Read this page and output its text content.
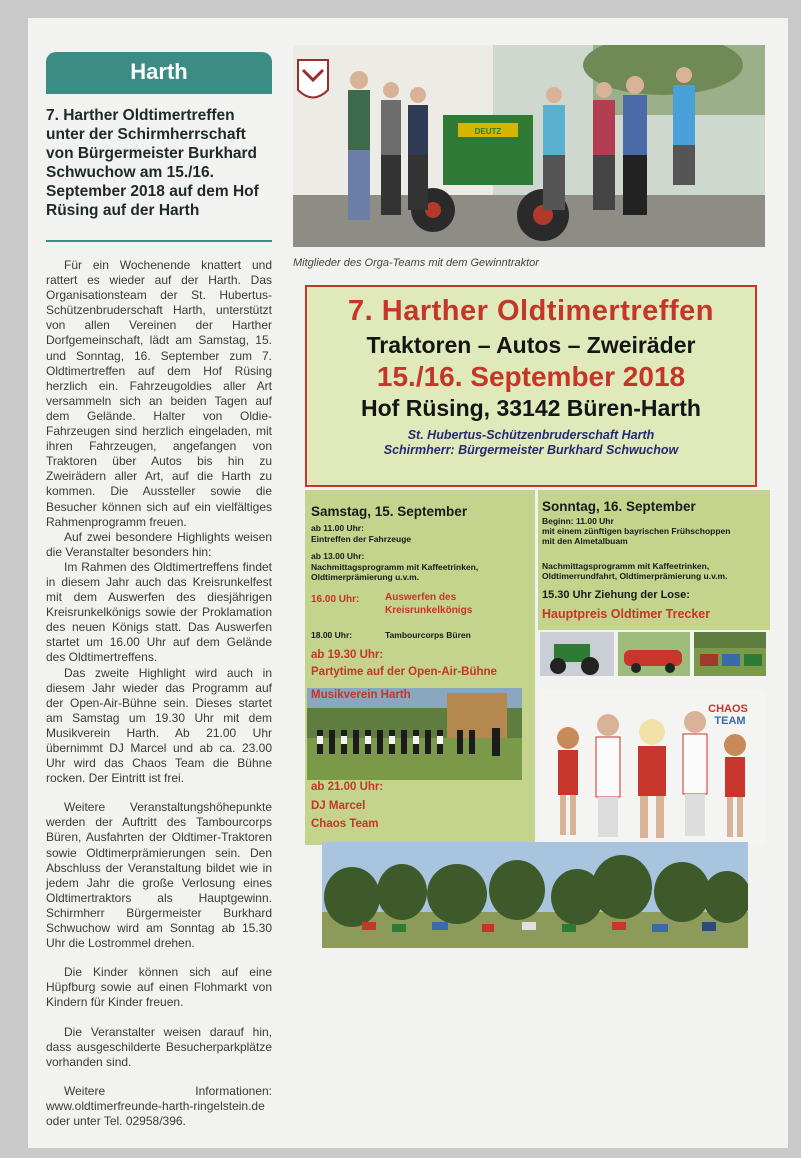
Harth
7. Harther Oldtimertreffen unter der Schirmherrschaft von Bürgermeister Burkhard Schwuchow am 15./16. September 2018 auf dem Hof Rüsing auf der Harth

Für ein Wochenende knattert und rattert es wieder auf der Harth. Das Organisationsteam der St. Hubertus-Schützenbruderschaft Harth, unterstützt von allen Vereinen der Harther Dorfgemeinschaft, lädt am Samstag, 15. und Sonntag, 16. September zum 7. Oldtimertreffen auf dem Hof Rüsing herzlich ein. Fahrzeugoldies aller Art versammeln sich an beiden Tagen auf dem Gelände. Halter von Oldie-Fahrzeugen sind herzlich eingeladen, mit ihren Fahrzeugen, angefangen von Traktoren über Autos bis hin zu Zweirädern aller Art, auf die Harth zu kommen. Die Aussteller sowie die Besucher können sich auf ein vielfältiges Rahmenprogramm freuen.

Auf zwei besondere Highlights weisen die Veranstalter besonders hin:

Im Rahmen des Oldtimertreffens findet in diesem Jahr auch das Kreisrunkelfest mit dem Auswerfen des diesjährigen Kreisrunkelkönigs sowie der Proklamation des neuen Königs statt. Das Auswerfen startet um 16.00 Uhr auf dem Gelände des Oldtimertreffens.

Das zweite Highlight wird auch in diesem Jahr wieder das Programm auf der Open-Air-Bühne sein. Dieses startet am Samstag um 19.30 Uhr mit dem Musikverein Harth. Ab 21.00 Uhr übernimmt DJ Marcel und ab ca. 23.00 Uhr wird das Chaos Team die Bühne rocken. Der Eintritt ist frei.

Weitere Veranstaltungshöhepunkte werden der Auftritt des Tambourcorps Büren, Ausfahrten der Oldtimer-Traktoren sowie Oldtimerprämierungen sein. Den Abschluss der Veranstaltung bildet wie in jedem Jahr die große Verlosung eines Oldtimertraktors als Hauptgewinn. Schirmherr Bürgermeister Burkhard Schwuchow wird am Sonntag ab 15.30 Uhr die Lostrommel drehen.

Die Kinder können sich auf eine Hüpfburg sowie auf einen Flohmarkt von Kindern für Kinder freuen.

Die Veranstalter weisen darauf hin, dass ausgeschilderte Besucherparkplätze vorhanden sind.

Weitere Informationen: www.oldtimerfreunde-harth-ringelstein.de oder unter Tel. 02958/396.

DEUTZ
Mitglieder des Orga-Teams mit dem Gewinntraktor
7. Harther Oldtimertreffen
Traktoren – Autos – Zweiräder
15./16. September 2018
Hof Rüsing, 33142 Büren-Harth
St. Hubertus-Schützenbruderschaft Harth
Schirmherr: Bürgermeister Burkhard Schwuchow
Samstag, 15. September
ab 11.00 Uhr:
Eintreffen der Fahrzeuge
ab 13.00 Uhr:
Nachmittagsprogramm mit Kaffeetrinken, Oldtimerprämierung u.v.m.
16.00 Uhr:	Auswerfen des
Kreisrunkelkönigs
18.00 Uhr:	Tambourcorps Büren
ab 19.30 Uhr:
Partytime auf der Open-Air-Bühne
Musikverein Harth
ab 21.00 Uhr:
DJ Marcel
Chaos Team
Sonntag, 16. September
Beginn: 11.00 Uhr
mit einem zünftigen bayrischen Frühschoppen
mit den Almetalbuam
Nachmittagsprogramm mit Kaffeetrinken,
Oldtimerrundfahrt, Oldtimerprämierung u.v.m.
15.30 Uhr Ziehung der Lose:
Hauptpreis Oldtimer Trecker
CHAOS
TEAM
